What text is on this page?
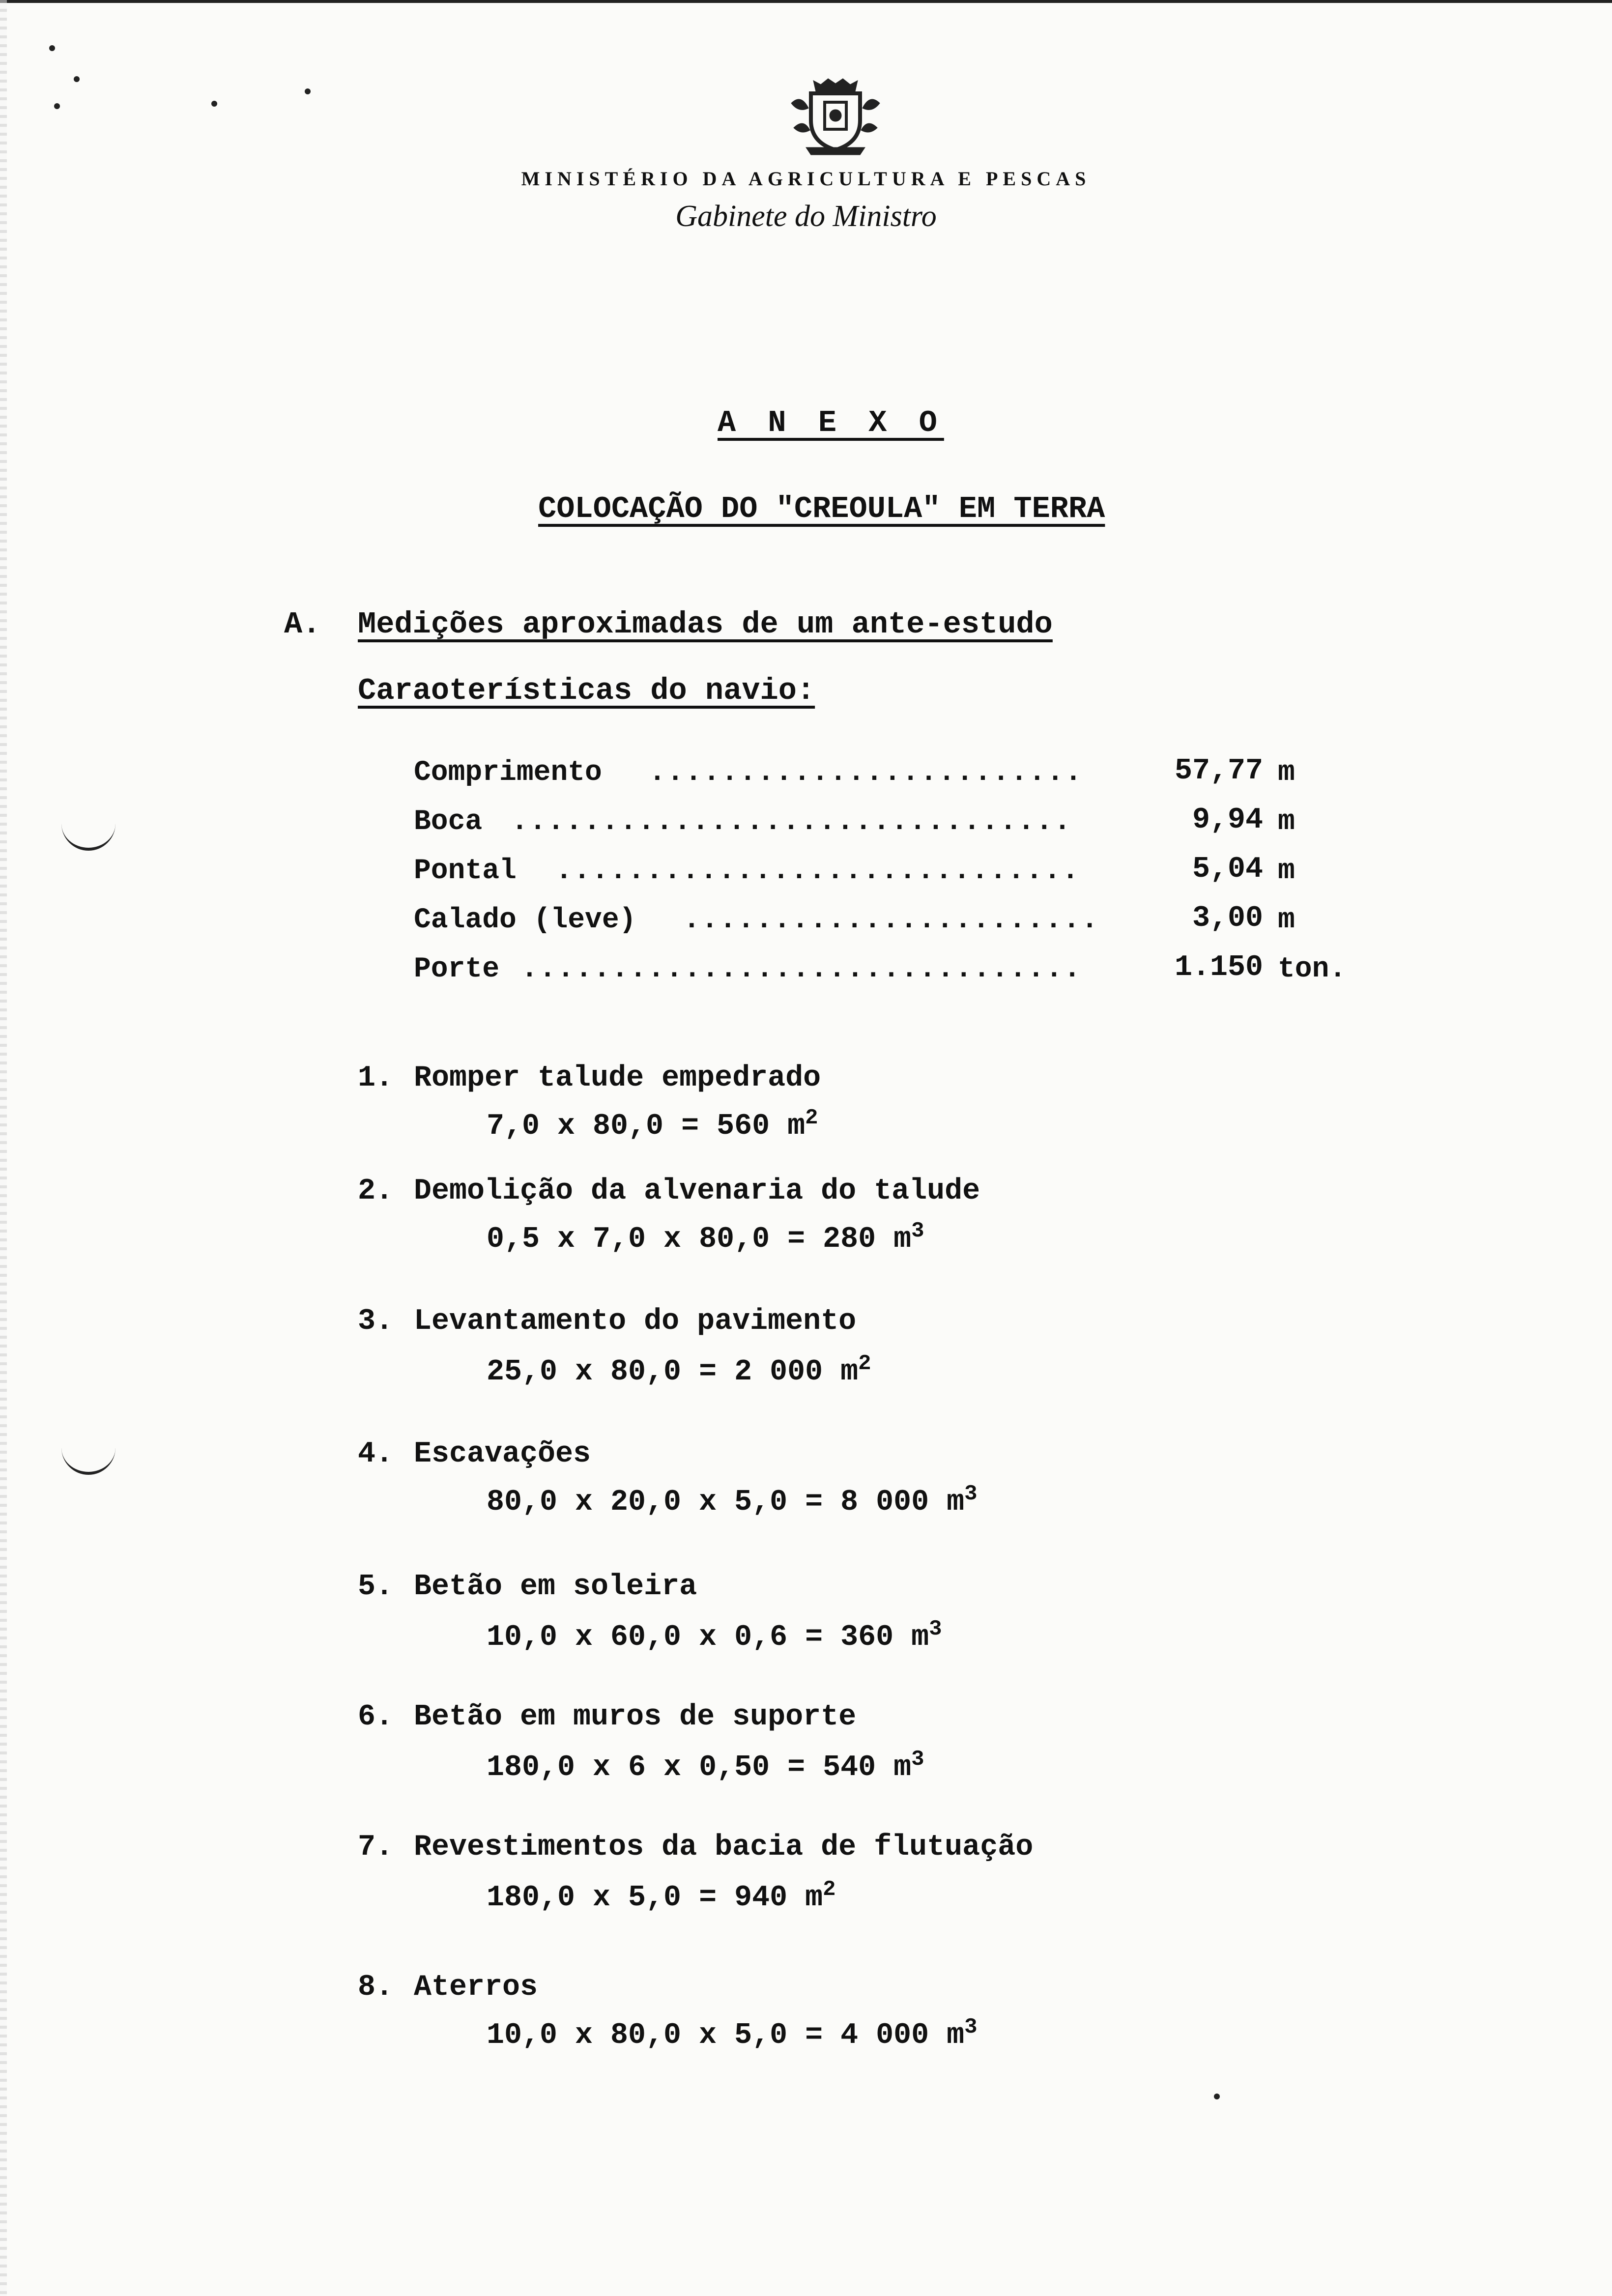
MINISTÉRIO DA AGRICULTURA E PESCAS
Gabinete do Ministro
A N E X O
COLOCAÇÃO DO "CREOULA" EM TERRA
A. Medições aproximadas de um ante-estudo
Caraoterísticas do navio:
Comprimento ........................	57,77 m
Boca ...............................	9,94 m
Pontal .............................	5,04 m
Calado (leve) .......................	3,00 m
Porte ...............................	1.150 ton.
1. Romper talude empedrado
7,0 x 80,0 = 560 $m^2$
2. Demolição da alvenaria do talude
0,5 x 7,0 x 80,0 = 280 $m^3$
3. Levantamento do pavimento
25,0 x 80,0 = 2 000 $m^2$
4. Escavações
80,0 x 20,0 x 5,0 = 8 000 $m^3$
5. Betão em soleira
10,0 x 60,0 x 0,6 = 360 $m^3$
6. Betão em muros de suporte
180,0 x 6 x 0,50 = 540 $m^3$
7. Revestimentos da bacia de flutuação
180,0 x 5,0 = 940 $m^2$
8. Aterros
10,0 x 80,0 x 5,0 = 4 000 $m^3$
